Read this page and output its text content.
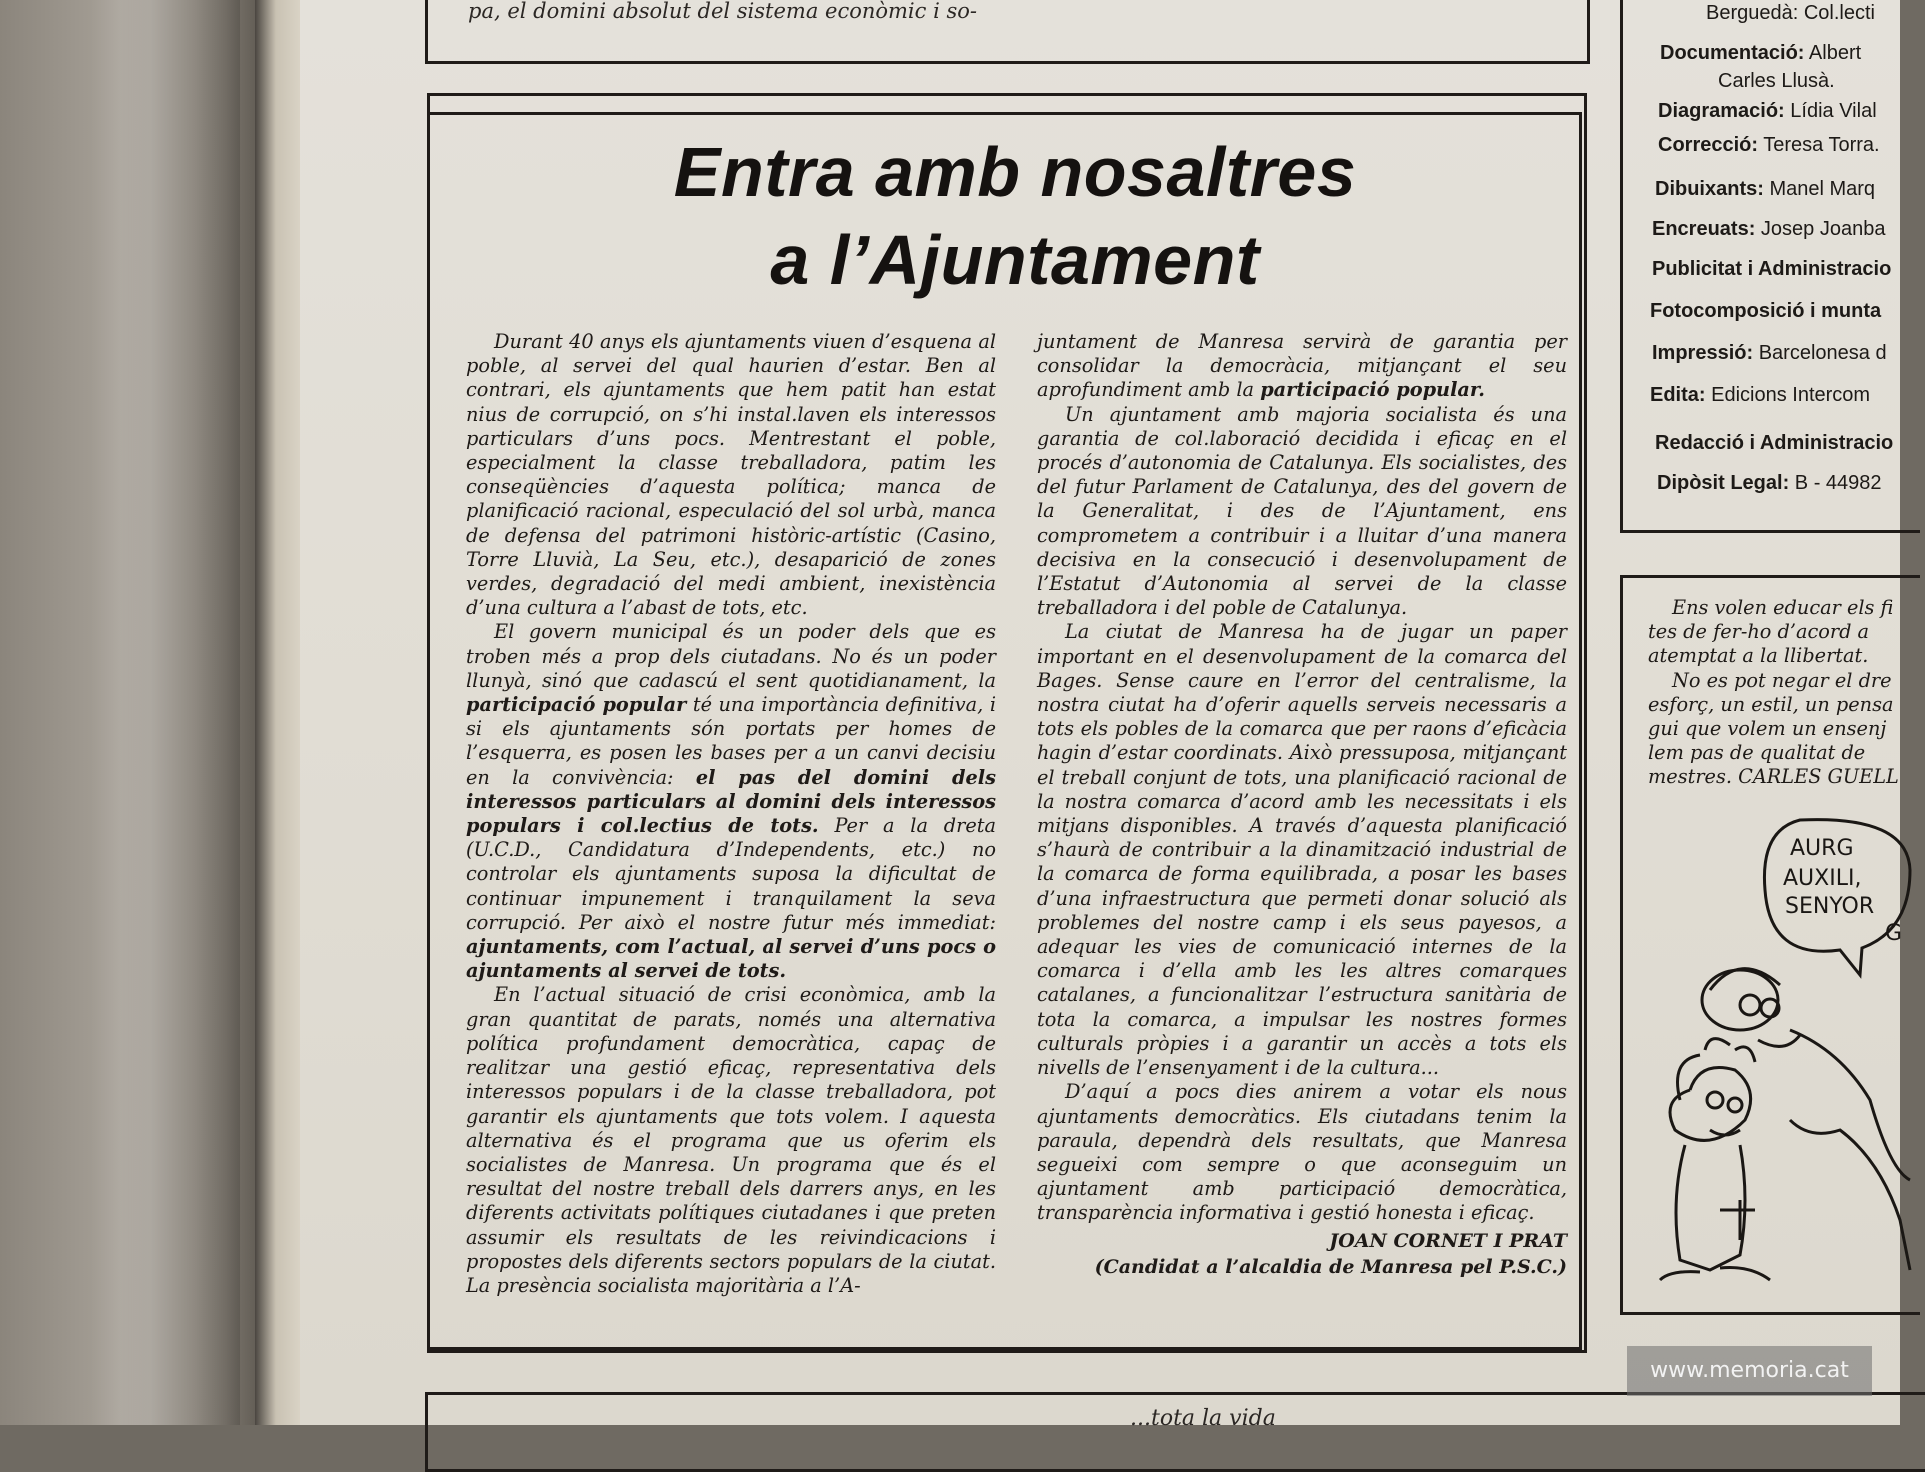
pa, el domini absolut del sistema econòmic i so-
Entra amb nosaltres
a l’Ajuntament

Durant 40 anys els ajuntaments viuen d’esquena al poble, al servei del qual haurien d’estar. Ben al contrari, els ajuntaments que hem patit han estat nius de corrupció, on s’hi instal.laven els interessos particulars d’uns pocs. Mentrestant el poble, especialment la classe treballadora, patim les conseqüències d’aquesta política; manca de planificació racional, especulació del sol urbà, manca de defensa del patrimoni històric-artístic (Casino, Torre Lluvià, La Seu, etc.), desaparició de zones verdes, degradació del medi ambient, inexistència d’una cultura a l’abast de tots, etc.

El govern municipal és un poder dels que es troben més a prop dels ciutadans. No és un poder llunyà, sinó que cadascú el sent quotidianament, la participació popular té una importància definitiva, i si els ajuntaments són portats per homes de l’esquerra, es posen les bases per a un canvi decisiu en la convivència: el pas del domini dels interessos particulars al domini dels interessos populars i col.lectius de tots. Per a la dreta (U.C.D., Candidatura d’Independents, etc.) no controlar els ajuntaments suposa la dificultat de continuar impunement i tranquilament la seva corrupció. Per això el nostre futur més immediat: ajuntaments, com l’actual, al servei d’uns pocs o ajuntaments al servei de tots.

En l’actual situació de crisi econòmica, amb la gran quantitat de parats, només una alternativa política profundament democràtica, capaç de realitzar una gestió eficaç, representativa dels interessos populars i de la classe treballadora, pot garantir els ajuntaments que tots volem. I aquesta alternativa és el programa que us oferim els socialistes de Manresa. Un programa que és el resultat del nostre treball dels darrers anys, en les diferents activitats polítiques ciutadanes i que preten assumir els resultats de les reivindicacions i propostes dels diferents sectors populars de la ciutat. La presència socialista majoritària a l’A-

juntament de Manresa servirà de garantia per consolidar la democràcia, mitjançant el seu aprofundiment amb la participació popular.

Un ajuntament amb majoria socialista és una garantia de col.laboració decidida i eficaç en el procés d’autonomia de Catalunya. Els socialistes, des del futur Parlament de Catalunya, des del govern de la Generalitat, i des de l’Ajuntament, ens comprometem a contribuir i a lluitar d’una manera decisiva en la consecució i desenvolupament de l’Estatut d’Autonomia al servei de la classe treballadora i del poble de Catalunya.

La ciutat de Manresa ha de jugar un paper important en el desenvolupament de la comarca del Bages. Sense caure en l’error del centralisme, la nostra ciutat ha d’oferir aquells serveis necessaris a tots els pobles de la comarca que per raons d’eficàcia hagin d’estar coordinats. Això pressuposa, mitjançant el treball conjunt de tots, una planificació racional de la nostra comarca d’acord amb les necessitats i els mitjans disponibles. A través d’aquesta planificació s’haurà de contribuir a la dinamització industrial de la comarca de forma equilibrada, a posar les bases d’una infraestructura que permeti donar solució als problemes del nostre camp i els seus payesos, a adequar les vies de comunicació internes de la comarca i d’ella amb les les altres comarques catalanes, a funcionalitzar l’estructura sanitària de tota la comarca, a impulsar les nostres formes culturals pròpies i a garantir un accès a tots els nivells de l’ensenyament i de la cultura...

D’aquí a pocs dies anirem a votar els nous ajuntaments democràtics. Els ciutadans tenim la paraula, dependrà dels resultats, que Manresa segueixi com sempre o que aconseguim un ajuntament amb participació democràtica, transparència informativa i gestió honesta i eficaç.

JOAN CORNET I PRAT
(Candidat a l’alcaldia de Manresa pel P.S.C.)
Berguedà: Col.lecti
Documentació: Albert
Carles Llusà.
Diagramació: Lídia Vilal
Correcció: Teresa Torra.
Dibuixants: Manel Marq
Encreuats: Josep Joanba
Publicitat i Administracio
Fotocomposició i munta
Impressió: Barcelonesa d
Edita: Edicions Intercom
Redacció i Administracio
Dipòsit Legal: B - 44982

Ens volen educar els fi

tes de fer-ho d’acord a

atemptat a la llibertat.

No es pot negar el dre

esforç, un estil, un pensa

gui que volem un ensenj

lem pas de qualitat de

mestres. CARLES GUELL

AURG
AUXILI,
SENYOR
G
...tota la vida
www.memoria.cat
